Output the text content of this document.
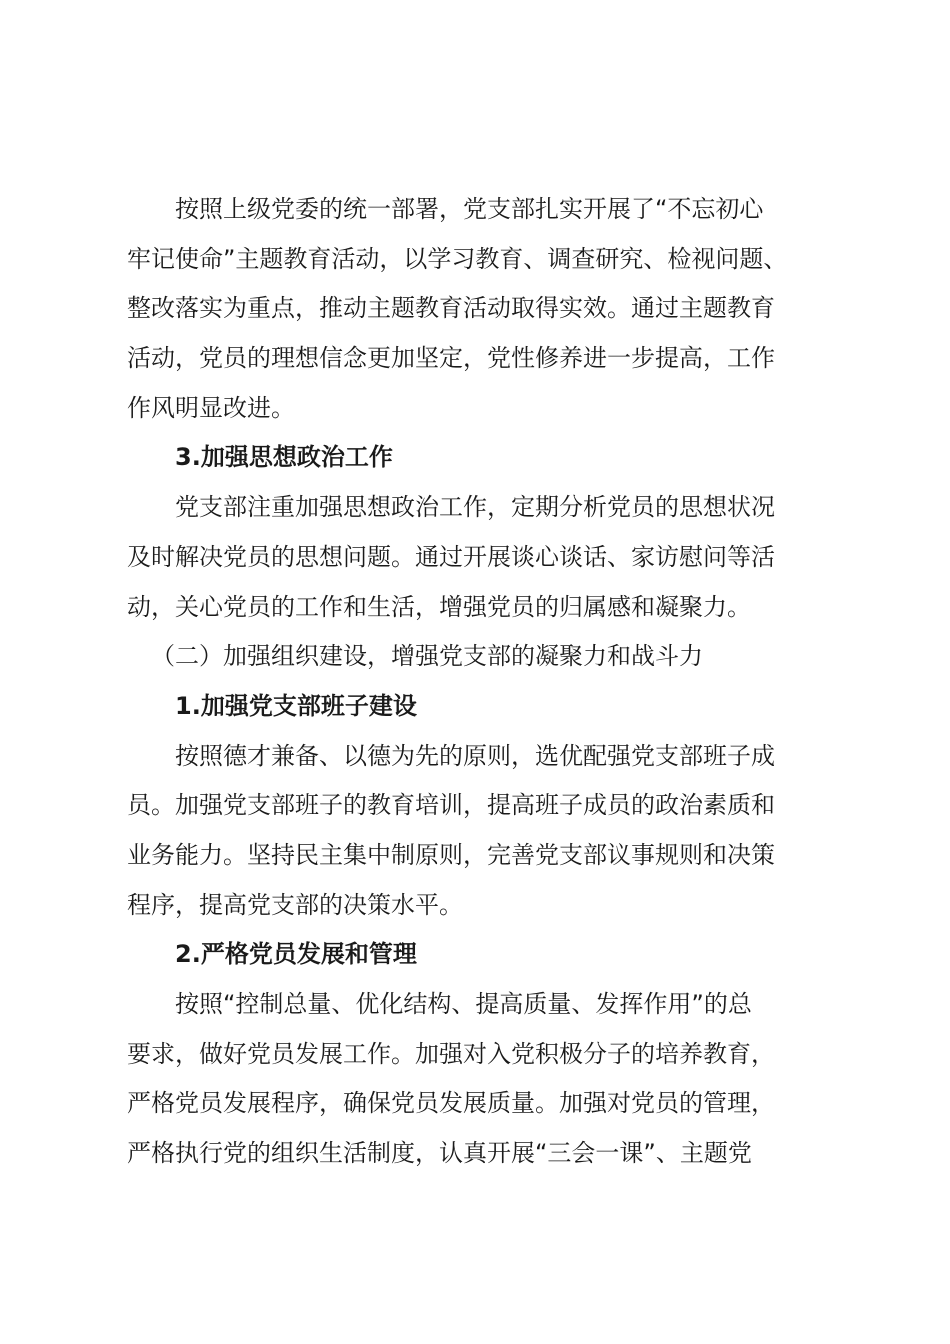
按照上级党委的统一部署，党支部扎实开展了“不忘初心
牢记使命”主题教育活动，以学习教育、调查研究、检视问题、
整改落实为重点，推动主题教育活动取得实效。通过主题教育
活动，党员的理想信念更加坚定，党性修养进一步提高，工作
作风明显改进。
3.加强思想政治工作
党支部注重加强思想政治工作，定期分析党员的思想状况
及时解决党员的思想问题。通过开展谈心谈话、家访慰问等活
动，关心党员的工作和生活，增强党员的归属感和凝聚力。
（二）加强组织建设，增强党支部的凝聚力和战斗力
1.加强党支部班子建设
按照德才兼备、以德为先的原则，选优配强党支部班子成
员。加强党支部班子的教育培训，提高班子成员的政治素质和
业务能力。坚持民主集中制原则，完善党支部议事规则和决策
程序，提高党支部的决策水平。
2.严格党员发展和管理
按照“控制总量、优化结构、提高质量、发挥作用”的总
要求，做好党员发展工作。加强对入党积极分子的培养教育，
严格党员发展程序，确保党员发展质量。加强对党员的管理，
严格执行党的组织生活制度，认真开展“三会一课”、主题党
